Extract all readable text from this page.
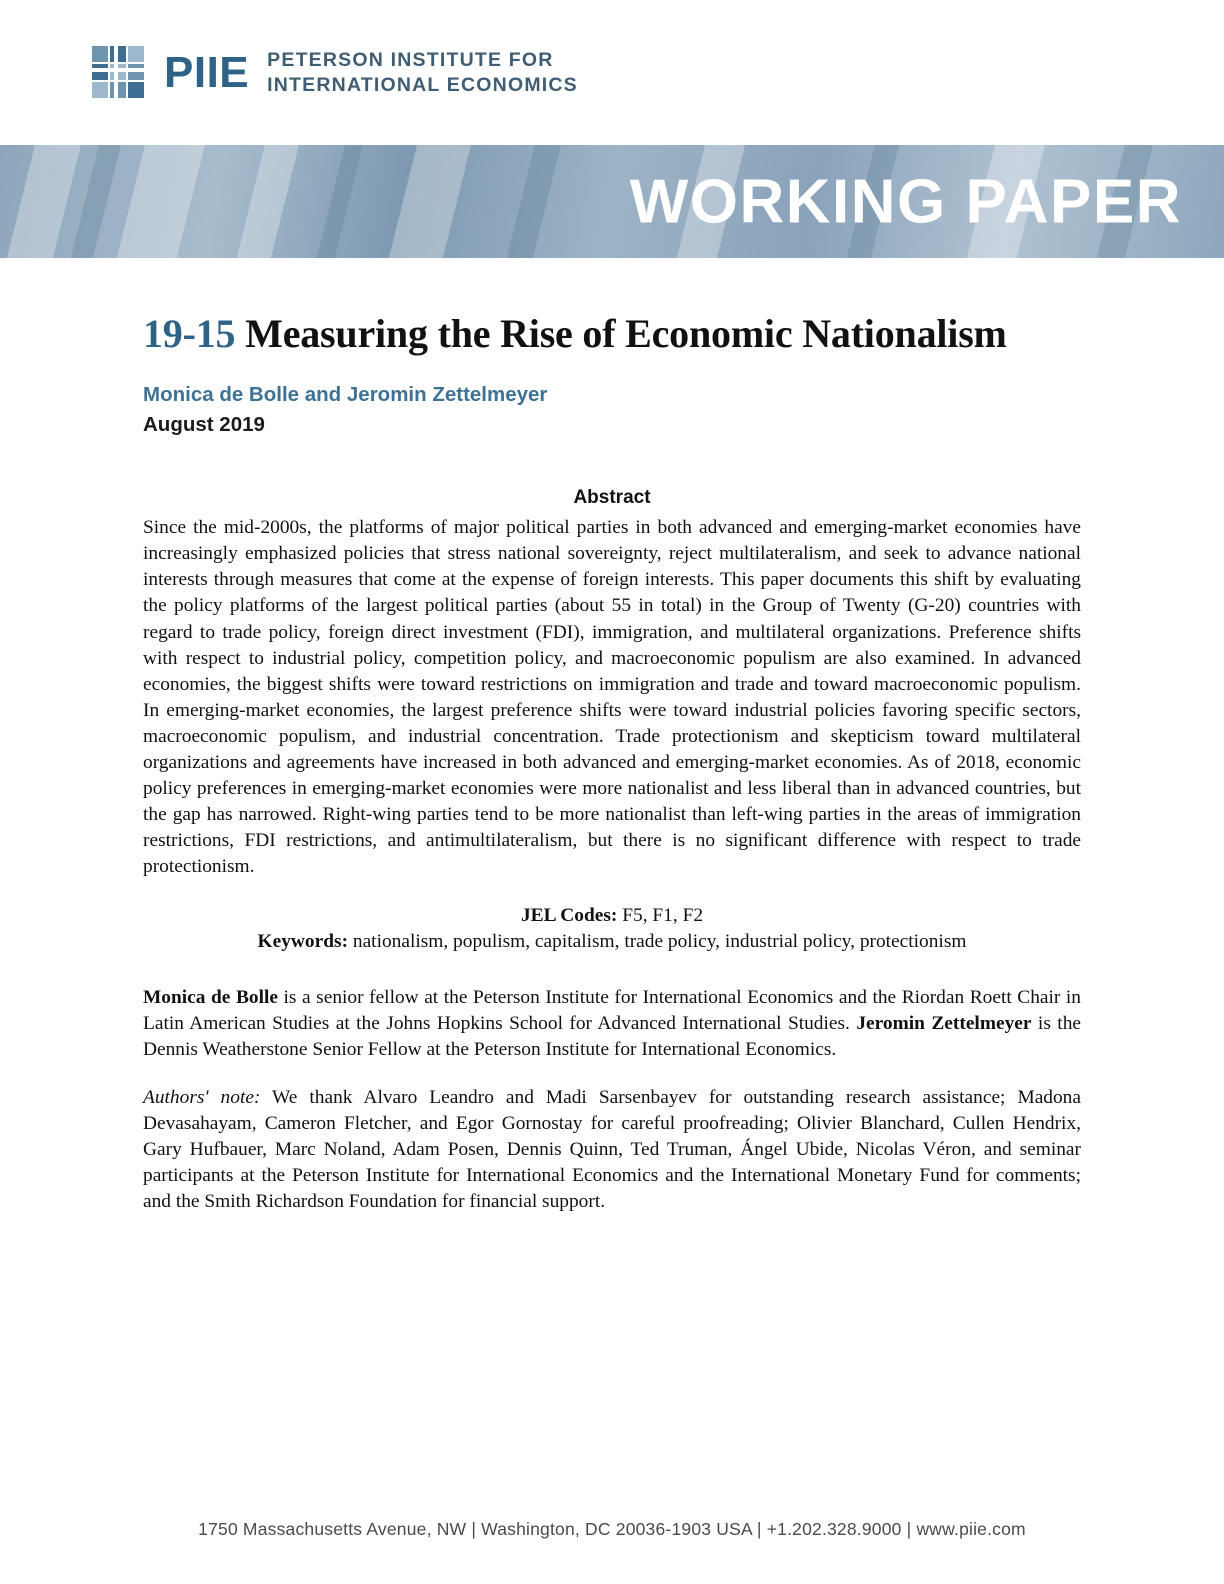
PIIE PETERSON INSTITUTE FOR
INTERNATIONAL ECONOMICS
WORKING PAPER
19-15 Measuring the Rise of Economic Nationalism
Monica de Bolle and Jeromin Zettelmeyer
August 2019
Abstract

Since the mid-2000s, the platforms of major political parties in both advanced and emerging-market economies have increasingly emphasized policies that stress national sovereignty, reject multilateralism, and seek to advance national interests through measures that come at the expense of foreign interests. This paper documents this shift by evaluating the policy platforms of the largest political parties (about 55 in total) in the Group of Twenty (G-20) countries with regard to trade policy, foreign direct investment (FDI), immigration, and multilateral organizations. Preference shifts with respect to industrial policy, competition policy, and macroeconomic populism are also examined. In advanced economies, the biggest shifts were toward restrictions on immigration and trade and toward macroeconomic populism. In emerging-market economies, the largest preference shifts were toward industrial policies favoring specific sectors, macroeconomic populism, and industrial concentration. Trade protectionism and skepticism toward multilateral organizations and agreements have increased in both advanced and emerging-market economies. As of 2018, economic policy preferences in emerging-market economies were more nationalist and less liberal than in advanced countries, but the gap has narrowed. Right-wing parties tend to be more nationalist than left-wing parties in the areas of immigration restrictions, FDI restrictions, and antimultilateralism, but there is no significant difference with respect to trade protectionism.

JEL Codes: F5, F1, F2
Keywords: nationalism, populism, capitalism, trade policy, industrial policy, protectionism

Monica de Bolle is a senior fellow at the Peterson Institute for International Economics and the Riordan Roett Chair in Latin American Studies at the Johns Hopkins School for Advanced International Studies. Jeromin Zettelmeyer is the Dennis Weatherstone Senior Fellow at the Peterson Institute for International Economics.

Authors' note: We thank Alvaro Leandro and Madi Sarsenbayev for outstanding research assistance; Madona Devasahayam, Cameron Fletcher, and Egor Gornostay for careful proofreading; Olivier Blanchard, Cullen Hendrix, Gary Hufbauer, Marc Noland, Adam Posen, Dennis Quinn, Ted Truman, Ángel Ubide, Nicolas Véron, and seminar participants at the Peterson Institute for International Economics and the International Monetary Fund for comments; and the Smith Richardson Foundation for financial support.

1750 Massachusetts Avenue, NW | Washington, DC 20036-1903 USA | +1.202.328.9000 | www.piie.com
